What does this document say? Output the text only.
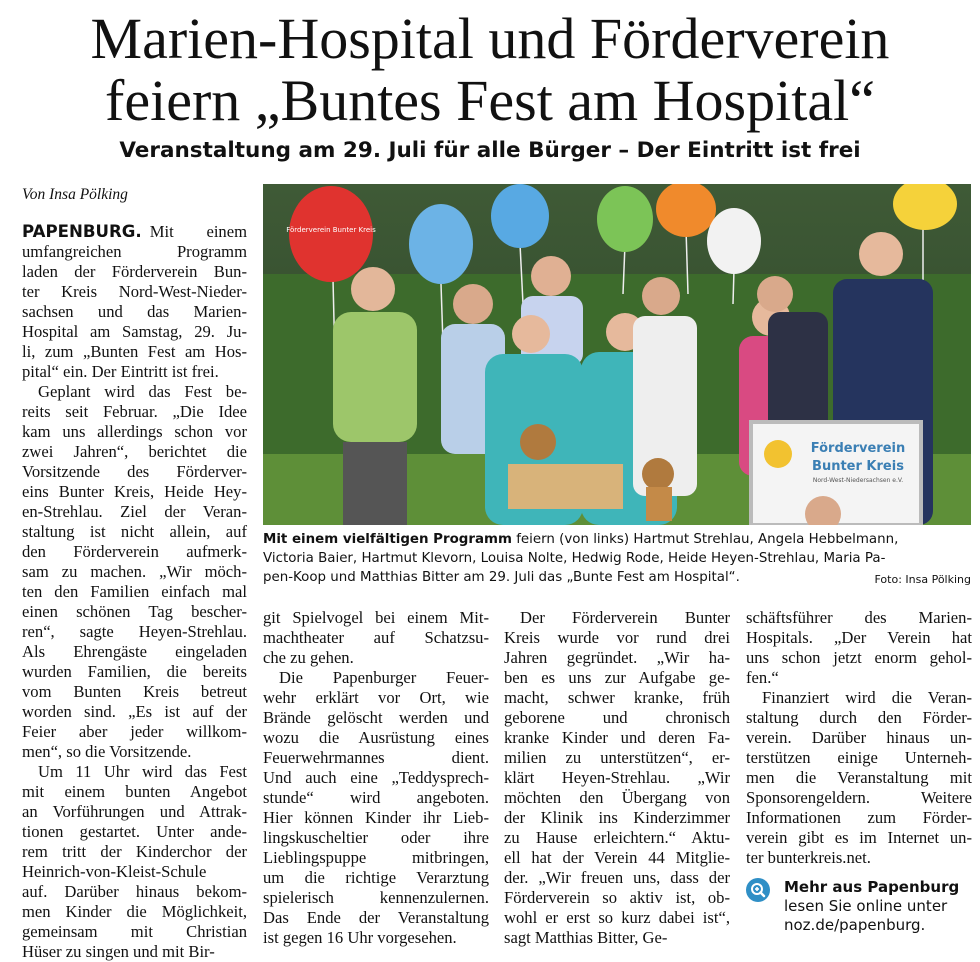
Marien-Hospital und Förderverein
feiern „Buntes Fest am Hospital“
Veranstaltung am 29. Juli für alle Bürger – Der Eintritt ist frei
Von Insa Pölking
PAPENBURG. Mit einem
umfangreichen Programm
laden der Förderverein Bun-
ter Kreis Nord-West-Nieder-
sachsen und das Marien-
Hospital am Samstag, 29. Ju-
li, zum „Bunten Fest am Hos-
pital“ ein. Der Eintritt ist frei.
Geplant wird das Fest be-
reits seit Februar. „Die Idee
kam uns allerdings schon vor
zwei Jahren“, berichtet die
Vorsitzende des Förderver-
eins Bunter Kreis, Heide Hey-
en-Strehlau. Ziel der Veran-
staltung ist nicht allein, auf
den Förderverein aufmerk-
sam zu machen. „Wir möch-
ten den Familien einfach mal
einen schönen Tag bescher-
ren“, sagte Heyen-Strehlau.
Als Ehrengäste eingeladen
wurden Familien, die bereits
vom Bunten Kreis betreut
worden sind. „Es ist auf der
Feier aber jeder willkom-
men“, so die Vorsitzende.
Um 11 Uhr wird das Fest
mit einem bunten Angebot
an Vorführungen und Attrak-
tionen gestartet. Unter ande-
rem tritt der Kinderchor der
Heinrich-von-Kleist-Schule
auf. Darüber hinaus bekom-
men Kinder die Möglichkeit,
gemeinsam mit Christian
Hüser zu singen und mit Bir-
git Spielvogel bei einem Mit-
machtheater auf Schatzsu-
che zu gehen.
Die Papenburger Feuer-
wehr erklärt vor Ort, wie
Brände gelöscht werden und
wozu die Ausrüstung eines
Feuerwehrmannes dient.
Und auch eine „Teddysprech-
stunde“ wird angeboten.
Hier können Kinder ihr Lieb-
lingskuscheltier oder ihre
Lieblingspuppe mitbringen,
um die richtige Verarztung
spielerisch kennenzulernen.
Das Ende der Veranstaltung
ist gegen 16 Uhr vorgesehen.
Der Förderverein Bunter
Kreis wurde vor rund drei
Jahren gegründet. „Wir ha-
ben es uns zur Aufgabe ge-
macht, schwer kranke, früh
geborene und chronisch
kranke Kinder und deren Fa-
milien zu unterstützen“, er-
klärt Heyen-Strehlau. „Wir
möchten den Übergang von
der Klinik ins Kinderzimmer
zu Hause erleichtern.“ Aktu-
ell hat der Verein 44 Mitglie-
der. „Wir freuen uns, dass der
Förderverein so aktiv ist, ob-
wohl er erst so kurz dabei ist“,
sagt Matthias Bitter, Ge-
schäftsführer des Marien-
Hospitals. „Der Verein hat
uns schon jetzt enorm gehol-
fen.“
Finanziert wird die Veran-
staltung durch den Förder-
verein. Darüber hinaus un-
terstützen einige Unterneh-
men die Veranstaltung mit
Sponsorengeldern. Weitere
Informationen zum Förder-
verein gibt es im Internet un-
ter bunterkreis.net.
Förderverein Bunter Kreis
Förderverein
Bunter Kreis
Nord-West-Niedersachsen e.V.
Mit einem vielfältigen Programm feiern (von links) Hartmut Strehlau, Angela Hebbelmann,
Victoria Baier, Hartmut Klevorn, Louisa Nolte, Hedwig Rode, Heide Heyen-Strehlau, Maria Pa-
pen-Koop und Matthias Bitter am 29. Juli das „Bunte Fest am Hospital“.	Foto: Insa Pölking
Mehr aus Papenburg
lesen Sie online unter
noz.de/papenburg.
